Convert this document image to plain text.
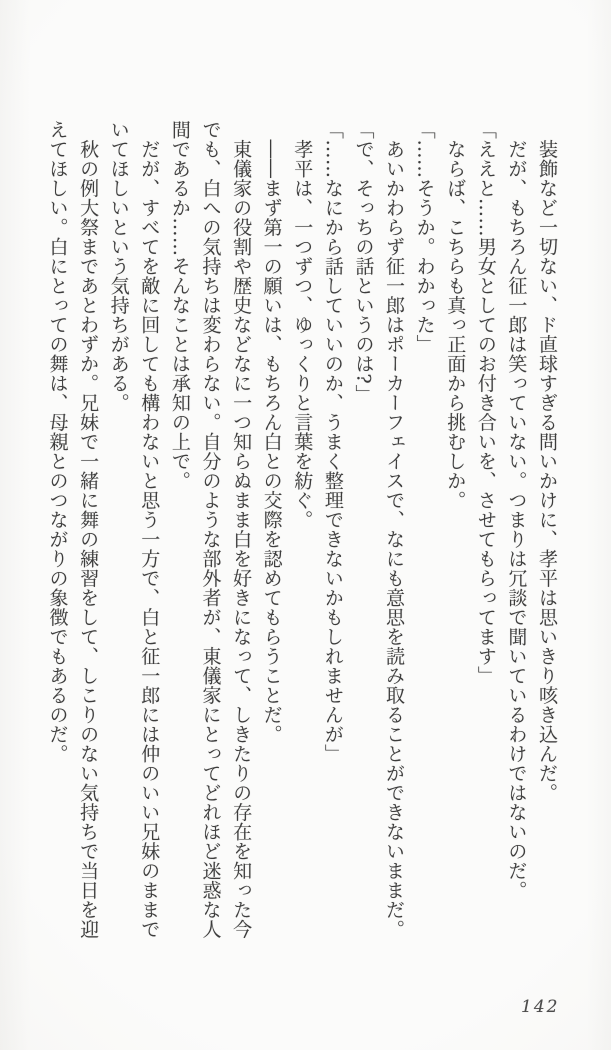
　装飾など一切ない、ド直球すぎる問いかけに、孝平は思いきり咳き込んだ。

　だが、もちろん征一郎は笑っていない。つまりは冗談で聞いているわけではないのだ。

「ええと……男女としてのお付き合いを、させてもらってます」

　ならば、こちらも真っ正面から挑むしか。

「……そうか。わかった」

　あいかわらず征一郎はポーカーフェイスで、なにも意思を読み取ることができないままだ。

「で、そっちの話というのは?」

「……なにから話していいのか、うまく整理できないかもしれませんが」

　孝平は、一つずつ、ゆっくりと言葉を紡ぐ。

　――まず第一の願いは、もちろん白との交際を認めてもらうことだ。

　東儀家の役割や歴史などなに一つ知らぬまま白を好きになって、しきたりの存在を知った今

でも、白への気持ちは変わらない。自分のような部外者が、東儀家にとってどれほど迷惑な人

間であるか……そんなことは承知の上で。

　だが、すべてを敵に回しても構わないと思う一方で、白と征一郎には仲のいい兄妹のままで

いてほしいという気持ちがある。

　秋の例大祭まであとわずか。兄妹で一緒に舞の練習をして、しこりのない気持ちで当日を迎

えてほしい。白にとっての舞は、母親とのつながりの象徴でもあるのだ。

142
